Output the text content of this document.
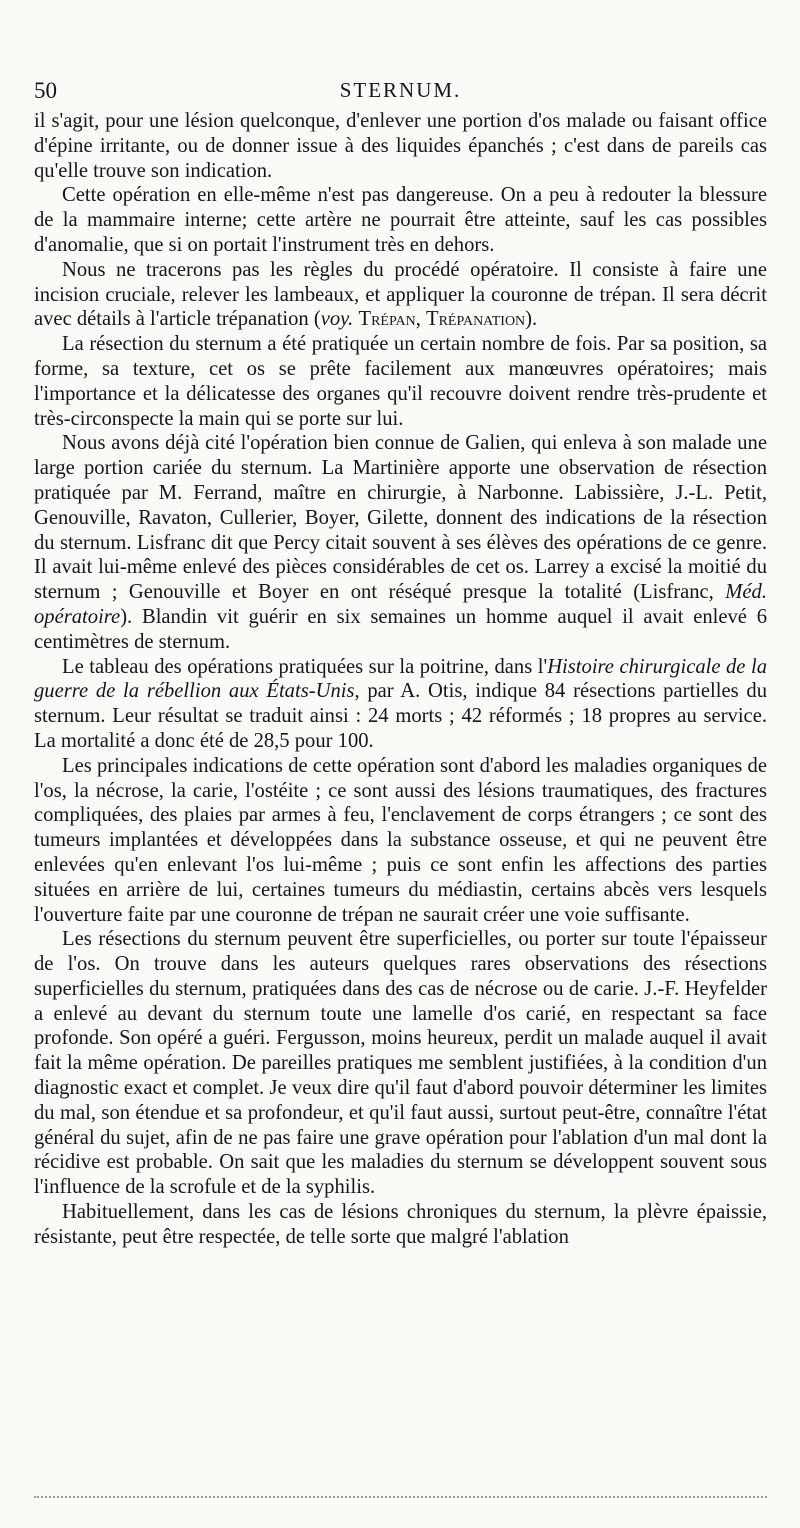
50	STERNUM.

il s'agit, pour une lésion quelconque, d'enlever une portion d'os malade ou faisant office d'épine irritante, ou de donner issue à des liquides épanchés ; c'est dans de pareils cas qu'elle trouve son indication.

Cette opération en elle-même n'est pas dangereuse. On a peu à redouter la blessure de la mammaire interne; cette artère ne pourrait être atteinte, sauf les cas possibles d'anomalie, que si on portait l'instrument très en dehors.

Nous ne tracerons pas les règles du procédé opératoire. Il consiste à faire une incision cruciale, relever les lambeaux, et appliquer la couronne de trépan. Il sera décrit avec détails à l'article trépanation (voy. Trépan, Trépanation).

La résection du sternum a été pratiquée un certain nombre de fois. Par sa position, sa forme, sa texture, cet os se prête facilement aux manœuvres opératoires; mais l'importance et la délicatesse des organes qu'il recouvre doivent rendre très-prudente et très-circonspecte la main qui se porte sur lui.

Nous avons déjà cité l'opération bien connue de Galien, qui enleva à son malade une large portion cariée du sternum. La Martinière apporte une observation de résection pratiquée par M. Ferrand, maître en chirurgie, à Narbonne. Labissière, J.-L. Petit, Genouville, Ravaton, Cullerier, Boyer, Gilette, donnent des indications de la résection du sternum. Lisfranc dit que Percy citait souvent à ses élèves des opérations de ce genre. Il avait lui-même enlevé des pièces considérables de cet os. Larrey a excisé la moitié du sternum ; Genouville et Boyer en ont réséqué presque la totalité (Lisfranc, Méd. opératoire). Blandin vit guérir en six semaines un homme auquel il avait enlevé 6 centimètres de sternum.

Le tableau des opérations pratiquées sur la poitrine, dans l'Histoire chirurgicale de la guerre de la rébellion aux États-Unis, par A. Otis, indique 84 résections partielles du sternum. Leur résultat se traduit ainsi : 24 morts ; 42 réformés ; 18 propres au service. La mortalité a donc été de 28,5 pour 100.

Les principales indications de cette opération sont d'abord les maladies organiques de l'os, la nécrose, la carie, l'ostéite ; ce sont aussi des lésions traumatiques, des fractures compliquées, des plaies par armes à feu, l'enclavement de corps étrangers ; ce sont des tumeurs implantées et développées dans la substance osseuse, et qui ne peuvent être enlevées qu'en enlevant l'os lui-même ; puis ce sont enfin les affections des parties situées en arrière de lui, certaines tumeurs du médiastin, certains abcès vers lesquels l'ouverture faite par une couronne de trépan ne saurait créer une voie suffisante.

Les résections du sternum peuvent être superficielles, ou porter sur toute l'épaisseur de l'os. On trouve dans les auteurs quelques rares observations des résections superficielles du sternum, pratiquées dans des cas de nécrose ou de carie. J.-F. Heyfelder a enlevé au devant du sternum toute une lamelle d'os carié, en respectant sa face profonde. Son opéré a guéri. Fergusson, moins heureux, perdit un malade auquel il avait fait la même opération. De pareilles pratiques me semblent justifiées, à la condition d'un diagnostic exact et complet. Je veux dire qu'il faut d'abord pouvoir déterminer les limites du mal, son étendue et sa profondeur, et qu'il faut aussi, surtout peut-être, connaître l'état général du sujet, afin de ne pas faire une grave opération pour l'ablation d'un mal dont la récidive est probable. On sait que les maladies du sternum se développent souvent sous l'influence de la scrofule et de la syphilis.

Habituellement, dans les cas de lésions chroniques du sternum, la plèvre épaissie, résistante, peut être respectée, de telle sorte que malgré l'ablation
